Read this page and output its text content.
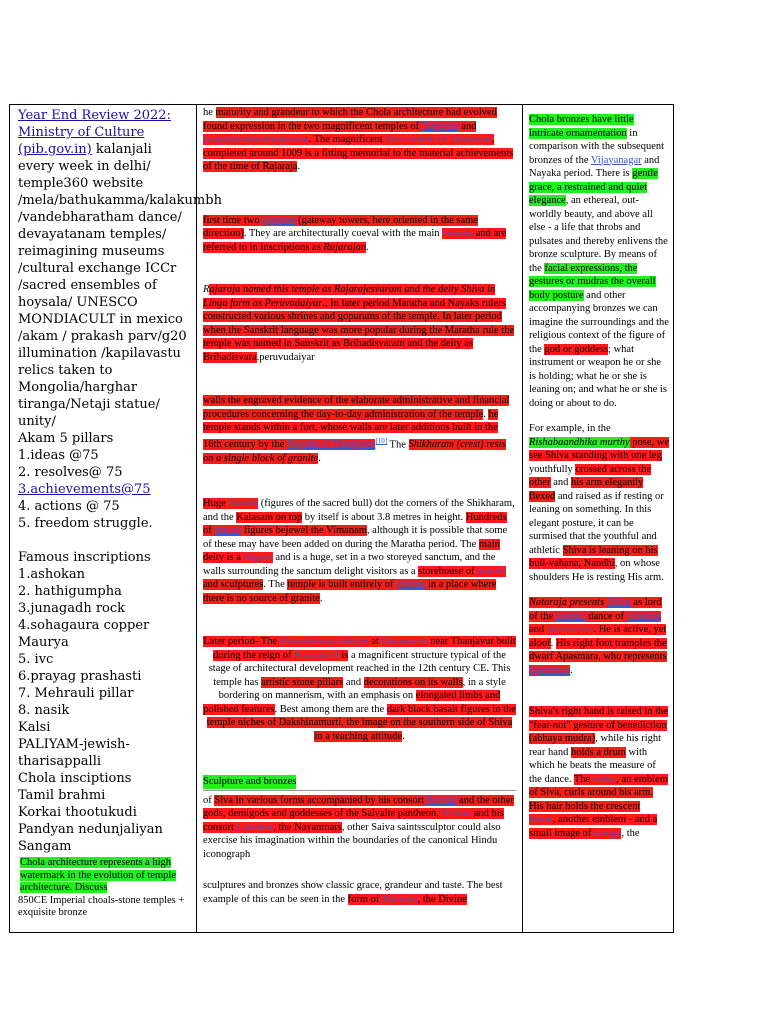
Year End Review 2022: Ministry of Culture (pib.gov.in) kalanjali every week in delhi/ temple360 website /mela/bathukamma/kalakumbh /vandebharatham dance/ devayatanam temples/ reimagining museums /cultural exchange ICCr /sacred ensembles of hoysala/ UNESCO MONDIACULT in mexico /akam / prakash parv/g20 illumination /kapilavastu relics taken to Mongolia/harghar tiranga/Netaji statue/ unity/

Akam 5 pillars

1.ideas @75

2. resolves@ 75

3.achievements@75

4. actions @ 75

5. freedom struggle.

Famous inscriptions

1.ashokan

2. hathigumpha

3.junagadh rock

4.sohagaura copper Maurya

5. ivc

6.prayag prashasti

7. Mehrauli pillar

8. nasik

Kalsi

PALIYAM-jewish-tharisappalli

Chola insciptions

Tamil brahmi

Korkai thootukudi

Pandyan nedunjaliyan

Sangam

Chola architecture represents a high watermark in the evolution of temple architecture. Discuss

850CE Imperial choals-stone temples + exquisite bronze

he maturity and grandeur to which the Chola architecture had evolved found expression in the two magnificent temples of Tanjavur and Gangaikondacholapuram. The magnificent Siva temple of Thanjavur, completed around 1009 is a fitting memorial to the material achievements of the time of Rajaraja.

first time two gopuras (gateway towers, here oriented in the same direction). They are architecturally coeval with the main vimana and are referred to in inscriptions as Rajarajan.

Rajaraja named this temple as Rajarajesvaram and the deity Shiva in Linga form as Peruvudaiyar., In later period Maratha and Nayaks rulers constructed various shrines and gopurams of the temple. In later period when the Sanskrit language was more popular during the Maratha rule the temple was named in Sanskrit as Brihadisvaram and the deity as Brihadisvara.peruvudaiyar

walls the engraved evidence of the elaborate administrative and financial procedures concerning the day-to-day administration of the temple. he temple stands within a fort, whose walls are later additions built in the 16th century by the Nayaks of Thanjavur[10] The Shikharam (crest) rests on a single block of granite.

Huge Nandis (figures of the sacred bull) dot the corners of the Shikharam, and the Kalasam on top by itself is about 3.8 metres in height. Hundreds of stucco figures bejewel the Vimanam, although it is possible that some of these may have been added on during the Maratha period. The main deity is a lingam and is a huge, set in a two storeyed sanctum, and the walls surrounding the sanctum delight visitors as a storehouse of murals and sculptures. The temple is built entirely of granite in a place where there is no source of granite.

Later period- The Airavatesvara temple at Darasuram near Thanjavur built during the reign of Rajaraja II is a magnificent structure typical of the stage of architectural development reached in the 12th century CE. This temple has artistic stone pillars and decorations on its walls, in a style bordering on mannerism, with an emphasis on elongated limbs and polished features. Best among them are the dark black basalt figures in the temple niches of Dakshinamurti, the image on the southern side of Shiva in a teaching attitude.

Sculpture and bronzes

of Siva in various forms accompanied by his consort Parvati and the other gods, demigods and goddesses of the Saivaite pantheon, Vishnu and his consort Lakshmi, the Nayanmars, other Saiva saintssculptor could also exercise his imagination within the boundaries of the canonical Hindu iconograph

sculptures and bronzes show classic grace, grandeur and taste. The best example of this can be seen in the form of Nataraja, the Divine

Chola bronzes have little intricate ornamentation in comparison with the subsequent bronzes of the Vijayanagar and Nayaka period. There is gentle grace, a restrained and quiet elegance, an ethereal, out-worldly beauty, and above all else - a life that throbs and pulsates and thereby enlivens the bronze sculpture. By means of the facial expressions, the gestures or mudras the overall body posture and other accompanying bronzes we can imagine the surroundings and the religious context of the figure of the god or goddess; what instrument or weapon he or she is holding; what he or she is leaning on; and what he or she is doing or about to do.

For example, in the Rishabaandhika murthy pose, we see Shiva standing with one leg youthfully crossed across the other and his arm elegantly flexed and raised as if resting or leaning on something. In this elegant posture, it can be surmised that the youthful and athletic Shiva is leaning on his bull-vahana, Nandhi, on whose shoulders He is resting His arm.

Nataraja presents Shiva as lord of the cosmic dance of creation and destruction. He is active, yet aloof. His right foot tramples the dwarf Apasmara, who represents ignorance.

Shiva's right hand is raised in the "fear-not" gesture of benediction (abhaya mudra), while his right rear hand holds a drum with which he beats the measure of the dance. The cobra, an emblem of Siva, curls around his arm. His hair holds the crescent moon, another emblem - and a small image of Ganga, the
